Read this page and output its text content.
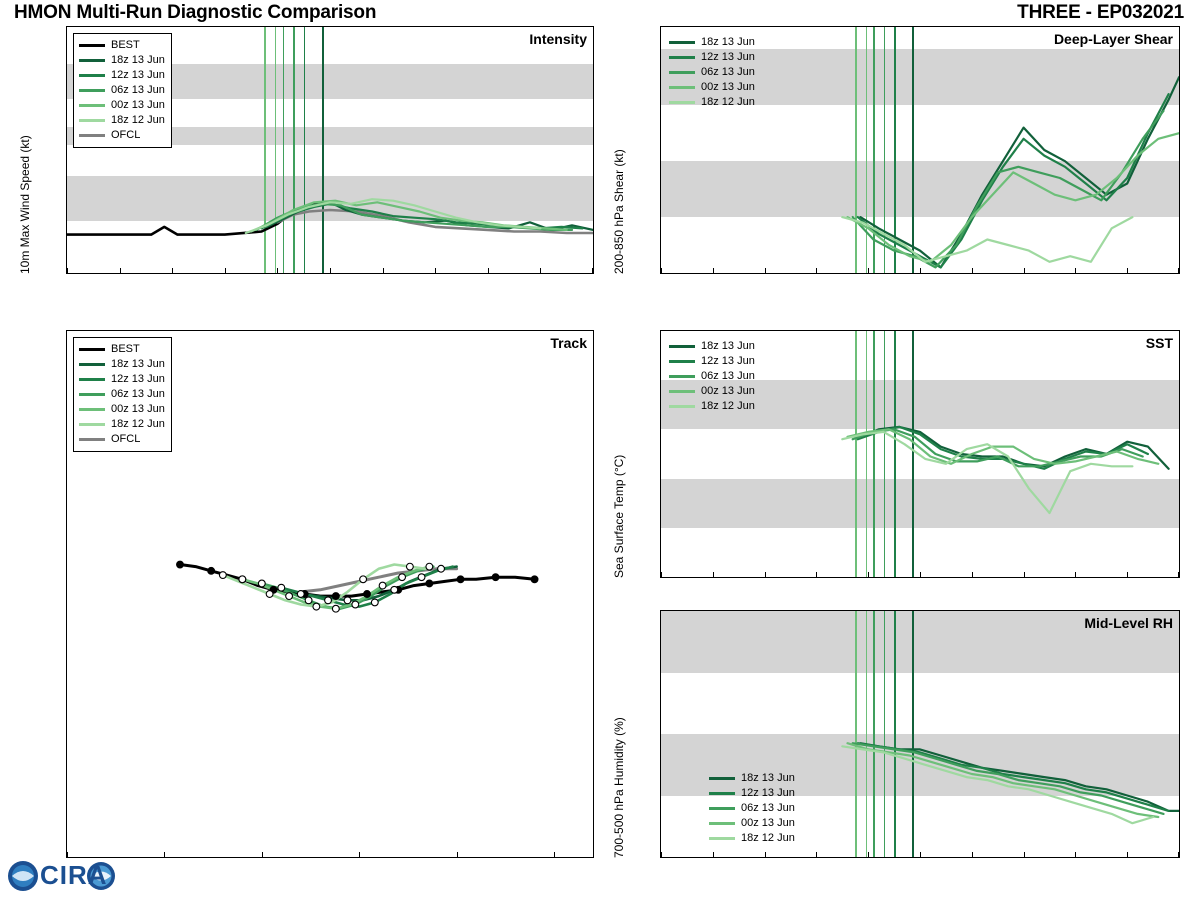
HMON Multi-Run Diagnostic Comparison	THREE - EP032021
Intensity

BEST
18z 13 Jun
12z 13 Jun
06z 13 Jun
00z 13 Jun
18z 12 Jun
OFCL
10m Max Wind Speed (kt)
Track
BEST
18z 13 Jun
12z 13 Jun
06z 13 Jun
00z 13 Jun
18z 12 Jun
OFCL
Deep-Layer Shear

18z 13 Jun
12z 13 Jun
06z 13 Jun
00z 13 Jun
18z 12 Jun
200-850 hPa Shear (kt)
SST

18z 13 Jun
12z 13 Jun
06z 13 Jun
00z 13 Jun
18z 12 Jun
Sea Surface Temp (°C)
Mid-Level RH

18z 13 Jun
12z 13 Jun
06z 13 Jun
00z 13 Jun
18z 12 Jun
700-500 hPa Humidity (%)
CIRA
